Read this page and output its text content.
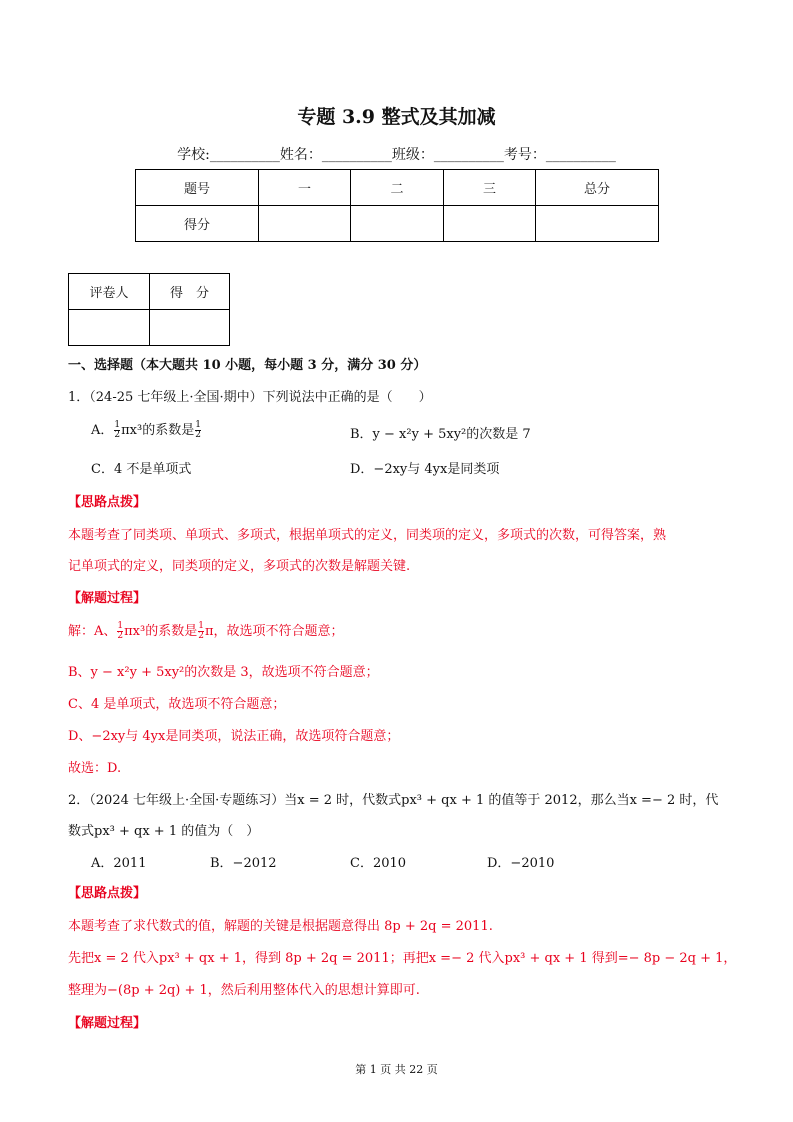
专题 3.9 整式及其加减
学校:__________姓名：__________班级：__________考号：__________
题号	一	二	三	总分
得分				
评卷人	得　分

一、选择题（本大题共 10 小题，每小题 3 分，满分 30 分）
1．（24-25 七年级上·全国·期中）下列说法中正确的是（　　）
A． $\frac{1}{2} \pi x^3$的系数是 $\frac{1}{2}$	B．y − x²y + 5xy²的次数是 7
C．4 不是单项式	D．−2xy与 4yx是同类项
【思路点拨】
本题考查了同类项、单项式、多项式，根据单项式的定义，同类项的定义，多项式的次数，可得答案，熟
记单项式的定义，同类项的定义，多项式的次数是解题关键.
【解题过程】
解：A、 $\frac{1}{2} \pi x^3$的系数是 $\frac{1}{2}$ π，故选项不符合题意；
B、y − x²y + 5xy²的次数是 3，故选项不符合题意；
C、4 是单项式，故选项不符合题意；
D、−2xy与 4yx是同类项，说法正确，故选项符合题意；
故选：D.
2．（2024 七年级上·全国·专题练习）当x = 2 时，代数式px³ + qx + 1 的值等于 2012，那么当x =− 2 时，代
数式px³ + qx + 1 的值为（　）
A．2011	B．−2012	C．2010	D．−2010
【思路点拨】
本题考查了求代数式的值，解题的关键是根据题意得出 8p + 2q = 2011.
先把x = 2 代入px³ + qx + 1，得到 8p + 2q = 2011；再把x =− 2 代入px³ + qx + 1 得到=− 8p − 2q + 1，
整理为−(8p + 2q) + 1，然后利用整体代入的思想计算即可.
【解题过程】
第 1 页 共 22 页
